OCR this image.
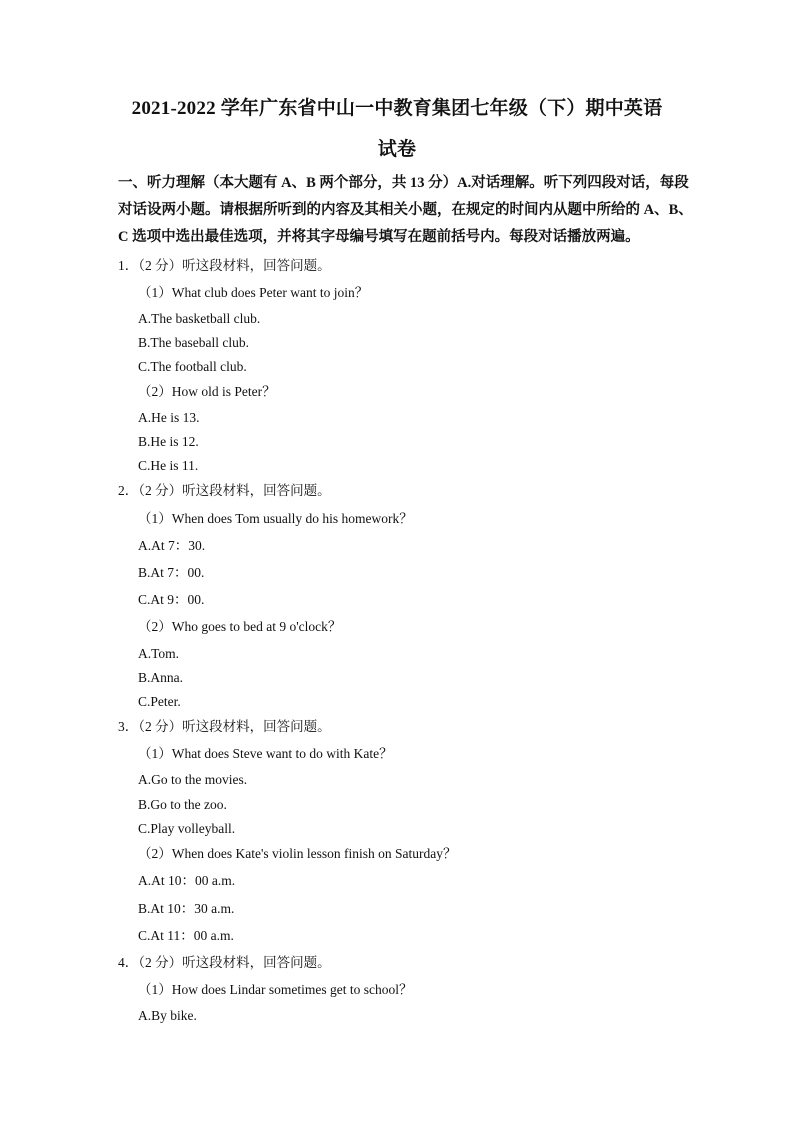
2021-2022 学年广东省中山一中教育集团七年级（下）期中英语
试卷
一、听力理解（本大题有 A、B 两个部分，共 13 分）A.对话理解。听下列四段对话，每段
对话设两小题。请根据所听到的内容及其相关小题，在规定的时间内从题中所给的 A、B、
C 选项中选出最佳选项，并将其字母编号填写在题前括号内。每段对话播放两遍。
1．（2 分）听这段材料，回答问题。
（1）What club does Peter want to join？
A.The basketball club.
B.The baseball club.
C.The football club.
（2）How old is Peter？
A.He is 13.
B.He is 12.
C.He is 11.
2．（2 分）听这段材料，回答问题。
（1）When does Tom usually do his homework？
A.At 7：30.
B.At 7：00.
C.At 9：00.
（2）Who goes to bed at 9 o'clock？
A.Tom.
B.Anna.
C.Peter.
3．（2 分）听这段材料，回答问题。
（1）What does Steve want to do with Kate？
A.Go to the movies.
B.Go to the zoo.
C.Play volleyball.
（2）When does Kate's violin lesson finish on Saturday？
A.At 10：00 a.m.
B.At 10：30 a.m.
C.At 11：00 a.m.
4．（2 分）听这段材料，回答问题。
（1）How does Lindar sometimes get to school？
A.By bike.
